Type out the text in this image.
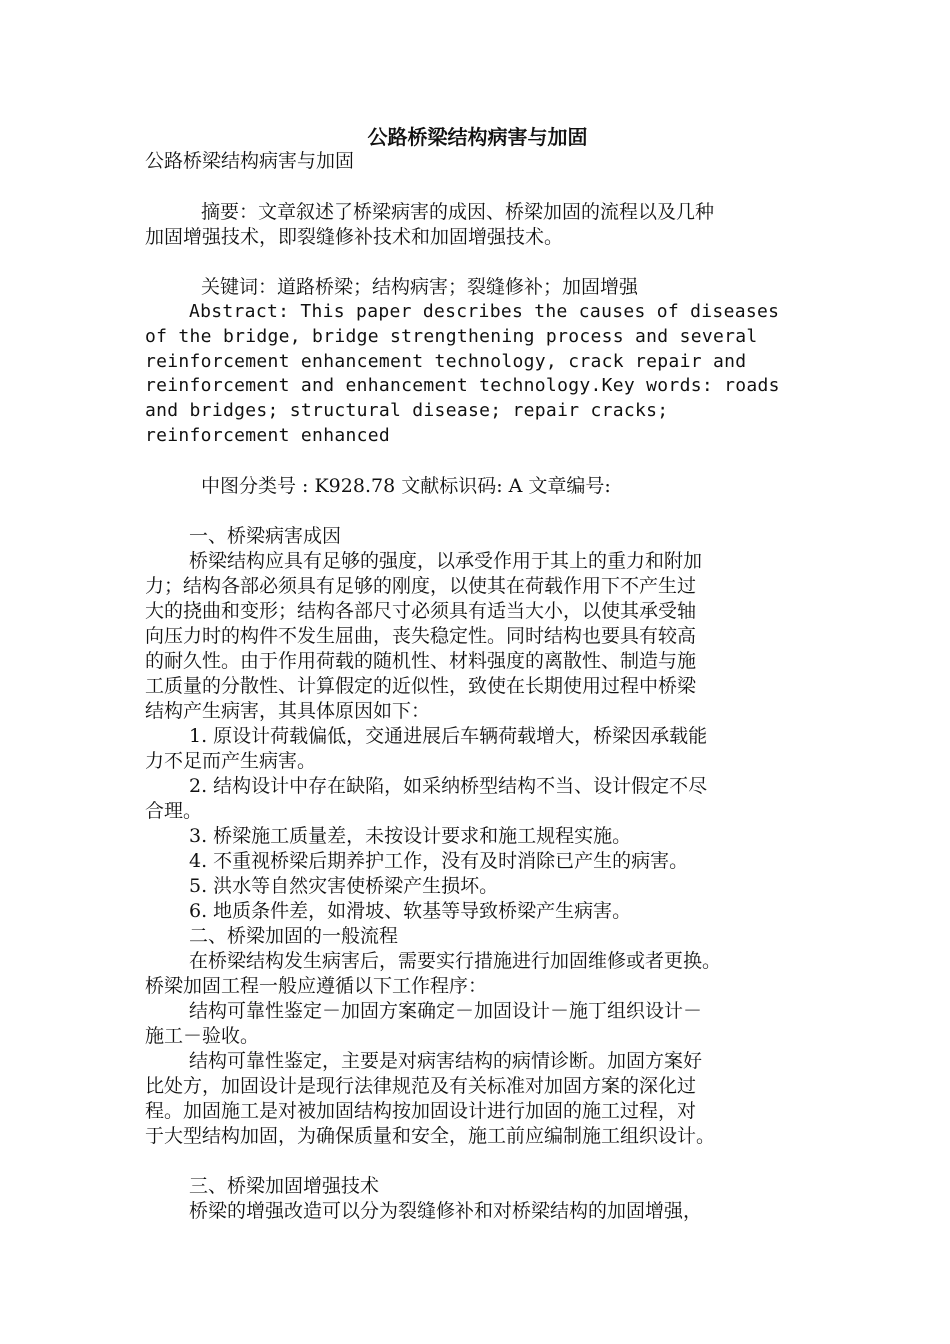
公路桥梁结构病害与加固
公路桥梁结构病害与加固
摘要：文章叙述了桥梁病害的成因、桥梁加固的流程以及几种
加固增强技术，即裂缝修补技术和加固增强技术。
关键词：道路桥梁；结构病害；裂缝修补；加固增强
Abstract: This paper describes the causes of diseases
of the bridge, bridge strengthening process and several
reinforcement enhancement technology, crack repair and
reinforcement and enhancement technology.Key words: roads
and bridges; structural disease; repair cracks;
reinforcement enhanced
中图分类号 : K928.78 文献标识码: A 文章编号:
一、桥梁病害成因
桥梁结构应具有足够的强度，以承受作用于其上的重力和附加
力；结构各部必须具有足够的刚度，以使其在荷载作用下不产生过
大的挠曲和变形；结构各部尺寸必须具有适当大小，以使其承受轴
向压力时的构件不发生屈曲，丧失稳定性。同时结构也要具有较高
的耐久性。由于作用荷载的随机性、材料强度的离散性、制造与施
工质量的分散性、计算假定的近似性，致使在长期使用过程中桥梁
结构产生病害，其具体原因如下：
1. 原设计荷载偏低，交通进展后车辆荷载增大，桥梁因承载能
力不足而产生病害。
2. 结构设计中存在缺陷，如采纳桥型结构不当、设计假定不尽
合理。
3. 桥梁施工质量差，未按设计要求和施工规程实施。
4. 不重视桥梁后期养护工作，没有及时消除已产生的病害。
5. 洪水等自然灾害使桥梁产生损坏。
6. 地质条件差，如滑坡、软基等导致桥梁产生病害。
二、桥梁加固的一般流程
在桥梁结构发生病害后，需要实行措施进行加固维修或者更换。
桥梁加固工程一般应遵循以下工作程序：
结构可靠性鉴定－加固方案确定－加固设计－施丁组织设计－
施工－验收。
结构可靠性鉴定，主要是对病害结构的病情诊断。加固方案好
比处方，加固设计是现行法律规范及有关标准对加固方案的深化过
程。加固施工是对被加固结构按加固设计进行加固的施工过程，对
于大型结构加固，为确保质量和安全，施工前应编制施工组织设计。
三、桥梁加固增强技术
桥梁的增强改造可以分为裂缝修补和对桥梁结构的加固增强，
